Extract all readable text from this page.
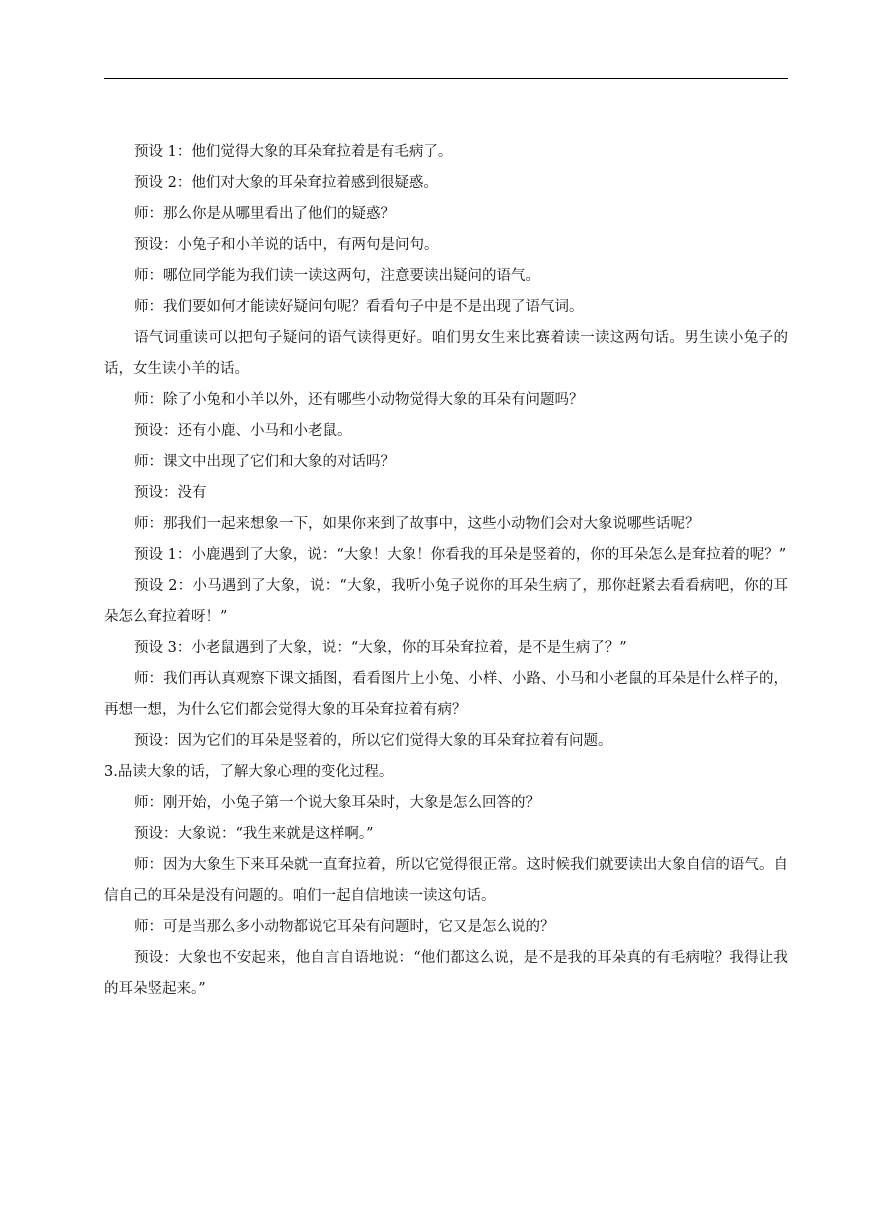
预设 1：他们觉得大象的耳朵耷拉着是有毛病了。

预设 2：他们对大象的耳朵耷拉着感到很疑惑。

师：那么你是从哪里看出了他们的疑惑？

预设：小兔子和小羊说的话中，有两句是问句。

师：哪位同学能为我们读一读这两句，注意要读出疑问的语气。

师：我们要如何才能读好疑问句呢？看看句子中是不是出现了语气词。

语气词重读可以把句子疑问的语气读得更好。咱们男女生来比赛着读一读这两句话。男生读小兔子的话，女生读小羊的话。

师：除了小兔和小羊以外，还有哪些小动物觉得大象的耳朵有问题吗？

预设：还有小鹿、小马和小老鼠。

师：课文中出现了它们和大象的对话吗？

预设：没有

师：那我们一起来想象一下，如果你来到了故事中，这些小动物们会对大象说哪些话呢？

预设 1：小鹿遇到了大象，说：“大象！大象！你看我的耳朵是竖着的，你的耳朵怎么是耷拉着的呢？”

预设 2：小马遇到了大象，说：“大象，我听小兔子说你的耳朵生病了，那你赶紧去看看病吧，你的耳朵怎么耷拉着呀！”

预设 3：小老鼠遇到了大象，说：“大象，你的耳朵耷拉着，是不是生病了？”

师：我们再认真观察下课文插图，看看图片上小兔、小样、小路、小马和小老鼠的耳朵是什么样子的，再想一想，为什么它们都会觉得大象的耳朵耷拉着有病？

预设：因为它们的耳朵是竖着的，所以它们觉得大象的耳朵耷拉着有问题。

3.品读大象的话，了解大象心理的变化过程。

师：刚开始，小兔子第一个说大象耳朵时，大象是怎么回答的？

预设：大象说：“我生来就是这样啊。”

师：因为大象生下来耳朵就一直耷拉着，所以它觉得很正常。这时候我们就要读出大象自信的语气。自信自己的耳朵是没有问题的。咱们一起自信地读一读这句话。

师：可是当那么多小动物都说它耳朵有问题时，它又是怎么说的？

预设：大象也不安起来，他自言自语地说：“他们都这么说，是不是我的耳朵真的有毛病啦？我得让我的耳朵竖起来。”
